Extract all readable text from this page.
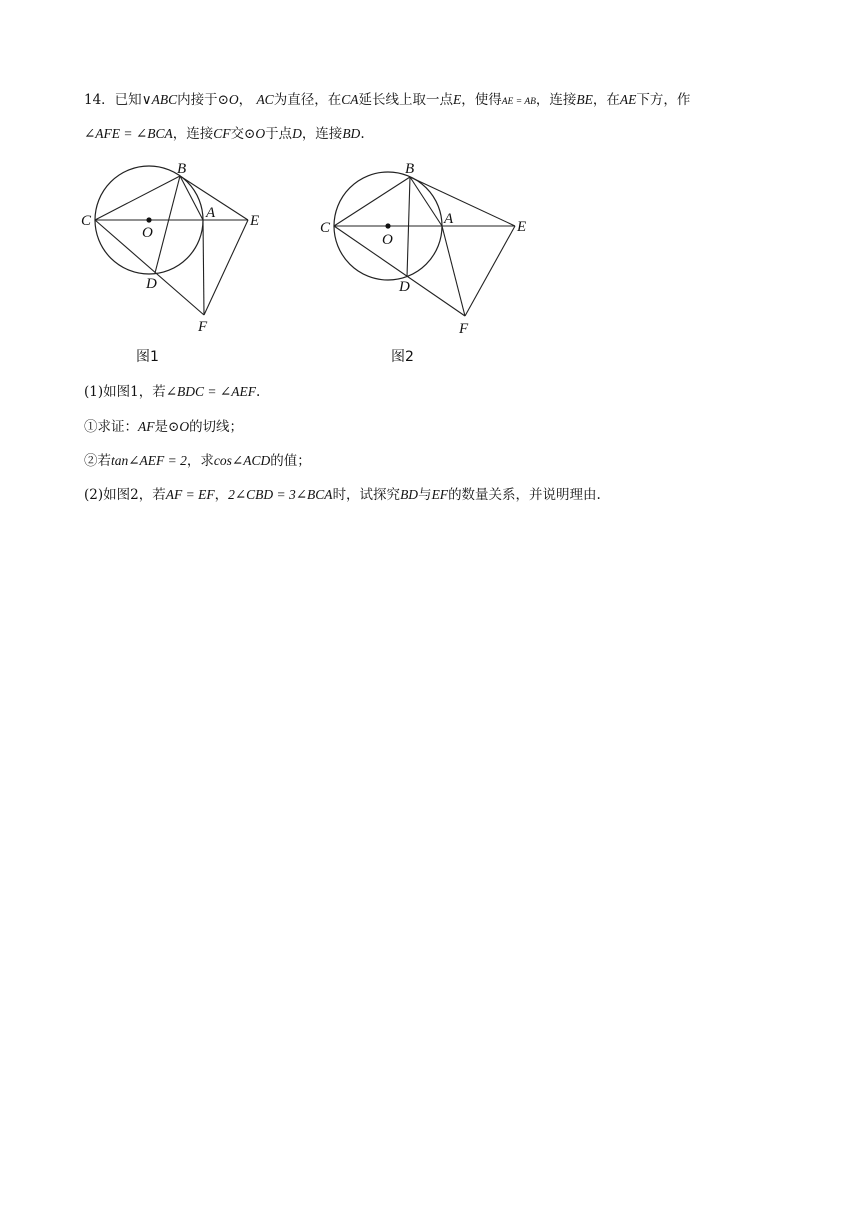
14．已知∨ABC内接于⊙O， AC为直径，在CA延长线上取一点E，使得AE = AB，连接BE，在AE下方，作
∠AFE = ∠BCA，连接CF交⊙O于点D，连接BD.
B
C	A E
O
D
F
图1
B
C
A	E
O
D
F
图2
(1)如图1，若∠BDC = ∠AEF.
①求证：AF是⊙O的切线；
②若tan∠AEF = 2，求cos∠ACD的值；
(2)如图2，若AF = EF，2∠CBD = 3∠BCA时，试探究BD与EF的数量关系，并说明理由.
